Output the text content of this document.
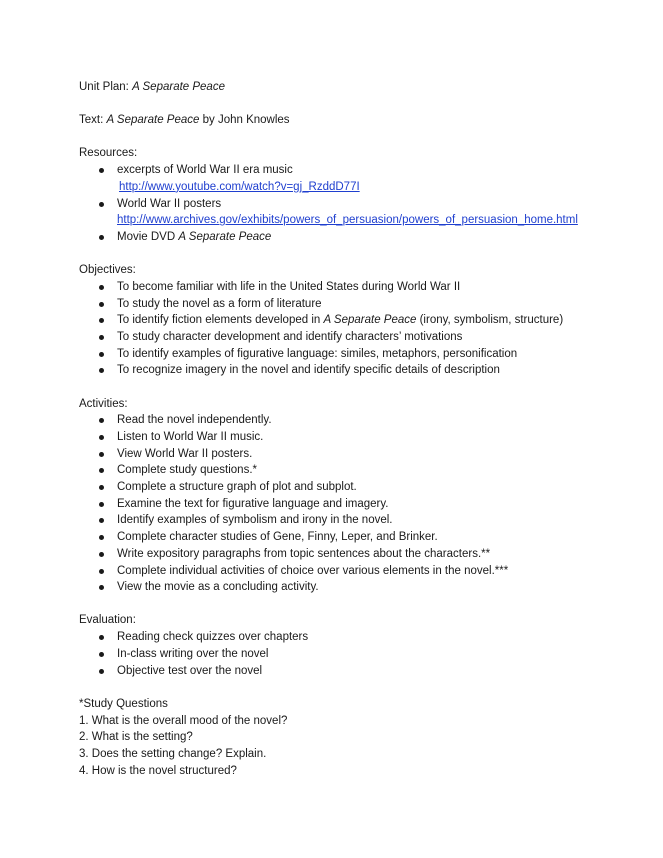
Unit Plan: A Separate Peace
Text: A Separate Peace by John Knowles
Resources:
excerpts of World War II era music
http://www.youtube.com/watch?v=gj_RzddD77I
World War II posters
http://www.archives.gov/exhibits/powers_of_persuasion/powers_of_persuasion_home.html
Movie DVD A Separate Peace
Objectives:
To become familiar with life in the United States during World War II
To study the novel as a form of literature
To identify fiction elements developed in A Separate Peace (irony, symbolism, structure)
To study character development and identify characters’ motivations
To identify examples of figurative language: similes, metaphors, personification
To recognize imagery in the novel and identify specific details of description
Activities:
Read the novel independently.
Listen to World War II music.
View World War II posters.
Complete study questions.*
Complete a structure graph of plot and subplot.
Examine the text for figurative language and imagery.
Identify examples of symbolism and irony in the novel.
Complete character studies of Gene, Finny, Leper, and Brinker.
Write expository paragraphs from topic sentences about the characters.**
Complete individual activities of choice over various elements in the novel.***
View the movie as a concluding activity.
Evaluation:
Reading check quizzes over chapters
In-class writing over the novel
Objective test over the novel
*Study Questions
1. What is the overall mood of the novel?
2. What is the setting?
3. Does the setting change? Explain.
4. How is the novel structured?
